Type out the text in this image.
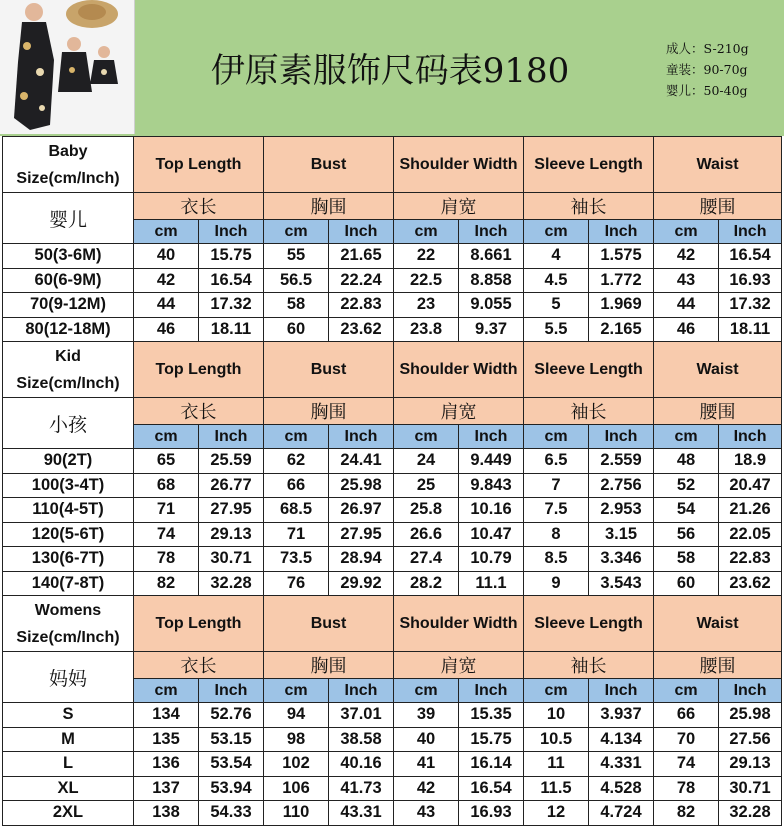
伊原素服饰尺码表9180
成人：S-210g
童装：90-70g
婴儿：50-40g
Baby Size(cm/Inch)	Top Length		Bust		Shoulder Width		Sleeve Length		Waist	
婴儿	衣长		胸围		肩宽		袖长		腰围	
	cm	Inch	cm	Inch	cm	Inch	cm	Inch	cm	Inch
50(3-6M)	40	15.75	55	21.65	22	8.661	4	1.575	42	16.54
60(6-9M)	42	16.54	56.5	22.24	22.5	8.858	4.5	1.772	43	16.93
70(9-12M)	44	17.32	58	22.83	23	9.055	5	1.969	44	17.32
80(12-18M)	46	18.11	60	23.62	23.8	9.37	5.5	2.165	46	18.11
Kid Size(cm/Inch)	Top Length		Bust		Shoulder Width		Sleeve Length		Waist	
小孩	衣长		胸围		肩宽		袖长		腰围	
	cm	Inch	cm	Inch	cm	Inch	cm	Inch	cm	Inch
90(2T)	65	25.59	62	24.41	24	9.449	6.5	2.559	48	18.9
100(3-4T)	68	26.77	66	25.98	25	9.843	7	2.756	52	20.47
110(4-5T)	71	27.95	68.5	26.97	25.8	10.16	7.5	2.953	54	21.26
120(5-6T)	74	29.13	71	27.95	26.6	10.47	8	3.15	56	22.05
130(6-7T)	78	30.71	73.5	28.94	27.4	10.79	8.5	3.346	58	22.83
140(7-8T)	82	32.28	76	29.92	28.2	11.1	9	3.543	60	23.62
Womens Size(cm/Inch)	Top Length		Bust		Shoulder Width		Sleeve Length		Waist	
妈妈	衣长		胸围		肩宽		袖长		腰围	
	cm	Inch	cm	Inch	cm	Inch	cm	Inch	cm	Inch
S	134	52.76	94	37.01	39	15.35	10	3.937	66	25.98
M	135	53.15	98	38.58	40	15.75	10.5	4.134	70	27.56
L	136	53.54	102	40.16	41	16.14	11	4.331	74	29.13
XL	137	53.94	106	41.73	42	16.54	11.5	4.528	78	30.71
2XL	138	54.33	110	43.31	43	16.93	12	4.724	82	32.28
